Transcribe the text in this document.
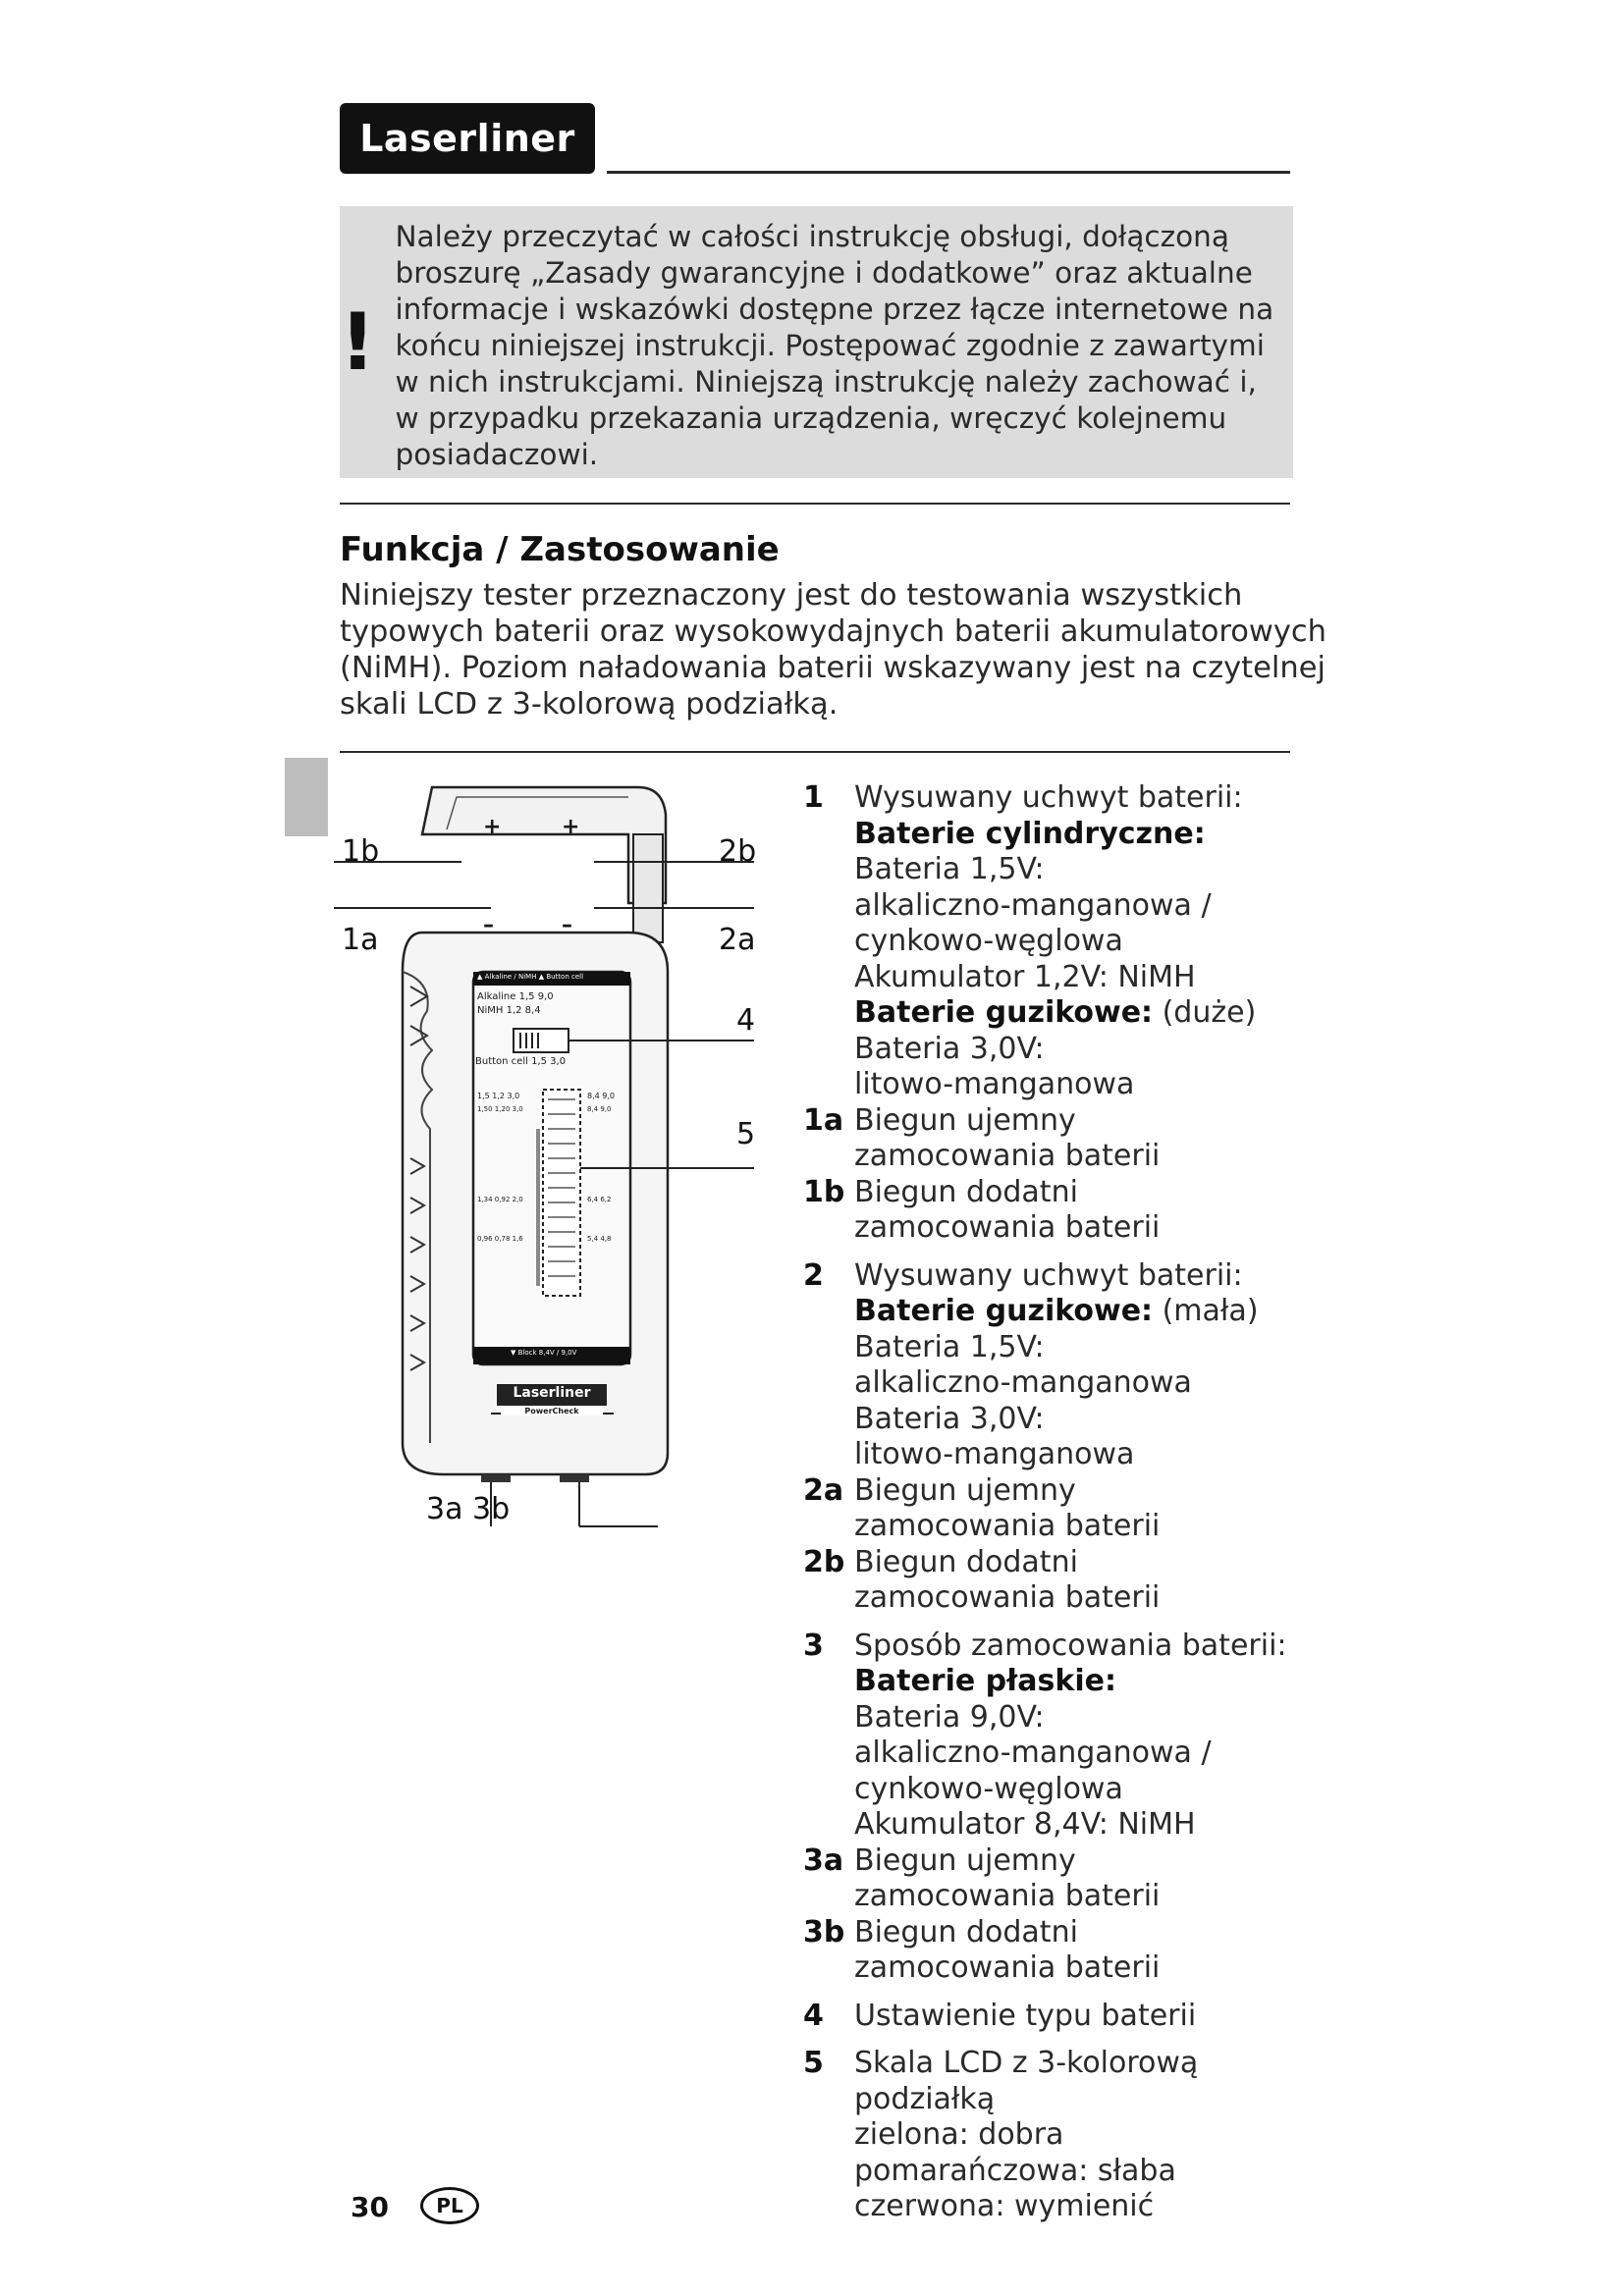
Laserliner
!
Należy przeczytać w całości instrukcję obsługi, dołączoną
broszurę „Zasady gwarancyjne i dodatkowe” oraz aktualne
informacje i wskazówki dostępne przez łącze internetowe na
końcu niniejszej instrukcji. Postępować zgodnie z zawartymi
w nich instrukcjami. Niniejszą instrukcję należy zachować i,
w przypadku przekazania urządzenia, wręczyć kolejnemu
posiadaczowi.
Funkcja / Zastosowanie
Niniejszy tester przeznaczony jest do testowania wszystkich
typowych baterii oraz wysokowydajnych baterii akumulatorowych
(NiMH). Poziom naładowania baterii wskazywany jest na czytelnej
skali LCD z 3-kolorową podziałką.
1b
1a
2b
2a
4
5
3a 3b
+	+
–	–
▲ Alkaline / NiMH ▲ Button cell
Alkaline 1,5 9,0
NiMH 1,2 8,4
Button cell 1,5 3,0
1,5 1,2 3,0
1,50 1,20 3,0
1,34 0,92 2,0
0,96 0,78 1,6
8,4 9,0
8,4 9,0
6,4 6,2
5,4 4,8
▼ Block 8,4V / 9,0V
Laserliner
PowerCheck
1	Wysuwany uchwyt baterii:
Baterie cylindryczne:
Bateria 1,5V:
alkaliczno-manganowa /
cynkowo-węglowa
Akumulator 1,2V: NiMH
Baterie guzikowe: (duże)
Bateria 3,0V:
litowo-manganowa
1a Biegun ujemny
zamocowania baterii
1b Biegun dodatni
zamocowania baterii
2	Wysuwany uchwyt baterii:
Baterie guzikowe: (mała)
Bateria 1,5V:
alkaliczno-manganowa
Bateria 3,0V:
litowo-manganowa
2a Biegun ujemny
zamocowania baterii
2b Biegun dodatni
zamocowania baterii
3	Sposób zamocowania baterii:
Baterie płaskie:
Bateria 9,0V:
alkaliczno-manganowa /
cynkowo-węglowa
Akumulator 8,4V: NiMH
3a Biegun ujemny
zamocowania baterii
3b Biegun dodatni
zamocowania baterii
4	Ustawienie typu baterii
5	Skala LCD z 3-kolorową
podziałką
zielona: dobra
pomarańczowa: słaba
czerwona: wymienić
30	PL
